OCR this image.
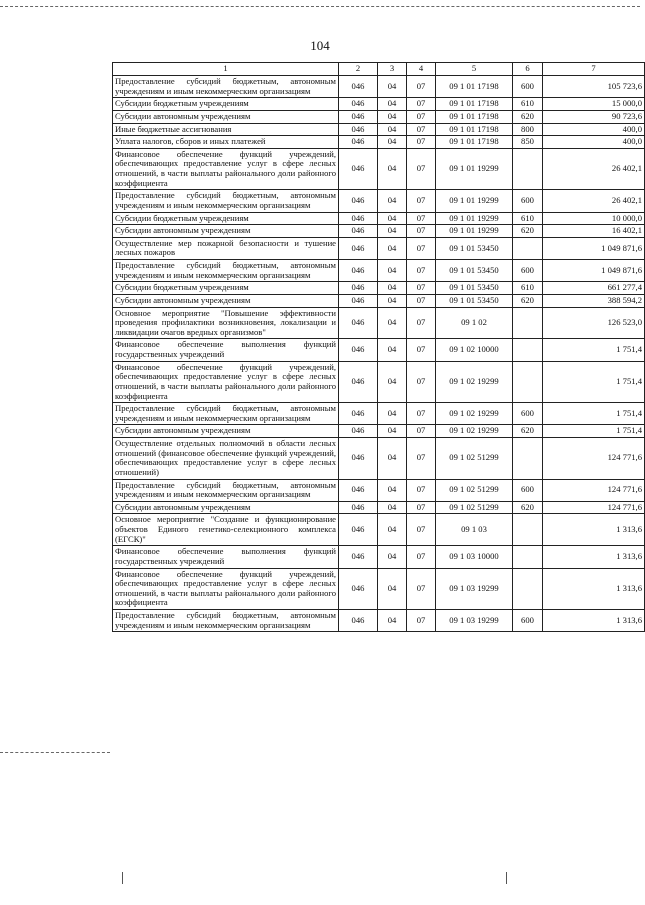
104
1	2	3	4	5	6	7
Предоставление субсидий бюджетным, автономным учреждениям и иным некоммерческим организациям	046	04	07	09 1 01 17198	600	105 723,6
Субсидии бюджетным учреждениям	046	04	07	09 1 01 17198	610	15 000,0
Субсидии автономным учреждениям	046	04	07	09 1 01 17198	620	90 723,6
Иные бюджетные ассигнования	046	04	07	09 1 01 17198	800	400,0
Уплата налогов, сборов и иных платежей	046	04	07	09 1 01 17198	850	400,0
Финансовое обеспечение функций учреждений, обеспечивающих предоставление услуг в сфере лесных отношений, в части выплаты районального доли районного коэффициента	046	04	07	09 1 01 19299		26 402,1
Предоставление субсидий бюджетным, автономным учреждениям и иным некоммерческим организациям	046	04	07	09 1 01 19299	600	26 402,1
Субсидии бюджетным учреждениям	046	04	07	09 1 01 19299	610	10 000,0
Субсидии автономным учреждениям	046	04	07	09 1 01 19299	620	16 402,1
Осуществление мер пожарной безопасности и тушение лесных пожаров	046	04	07	09 1 01 53450		1 049 871,6
Предоставление субсидий бюджетным, автономным учреждениям и иным некоммерческим организациям	046	04	07	09 1 01 53450	600	1 049 871,6
Субсидии бюджетным учреждениям	046	04	07	09 1 01 53450	610	661 277,4
Субсидии автономным учреждениям	046	04	07	09 1 01 53450	620	388 594,2
Основное мероприятие "Повышение эффективности проведения профилактики возникновения, локализации и ликвидации очагов вредных организмов"	046	04	07	09 1 02		126 523,0
Финансовое обеспечение выполнения функций государственных учреждений	046	04	07	09 1 02 10000		1 751,4
Финансовое обеспечение функций учреждений, обеспечивающих предоставление услуг в сфере лесных отношений, в части выплаты районального доли районного коэффициента	046	04	07	09 1 02 19299		1 751,4
Предоставление субсидий бюджетным, автономным учреждениям и иным некоммерческим организациям	046	04	07	09 1 02 19299	600	1 751,4
Субсидии автономным учреждениям	046	04	07	09 1 02 19299	620	1 751,4
Осуществление отдельных полномочий в области лесных отношений (финансовое обеспечение функций учреждений, обеспечивающих предоставление услуг в сфере лесных отношений)	046	04	07	09 1 02 51299		124 771,6
Предоставление субсидий бюджетным, автономным учреждениям и иным некоммерческим организациям	046	04	07	09 1 02 51299	600	124 771,6
Субсидии автономным учреждениям	046	04	07	09 1 02 51299	620	124 771,6
Основное мероприятие "Создание и функционирование объектов Единого генетико-селекционного комплекса (ЕГСК)"	046	04	07	09 1 03		1 313,6
Финансовое обеспечение выполнения функций государственных учреждений	046	04	07	09 1 03 10000		1 313,6
Финансовое обеспечение функций учреждений, обеспечивающих предоставление услуг в сфере лесных отношений, в части выплаты районального доли районного коэффициента	046	04	07	09 1 03 19299		1 313,6
Предоставление субсидий бюджетным, автономным учреждениям и иным некоммерческим организациям	046	04	07	09 1 03 19299	600	1 313,6
